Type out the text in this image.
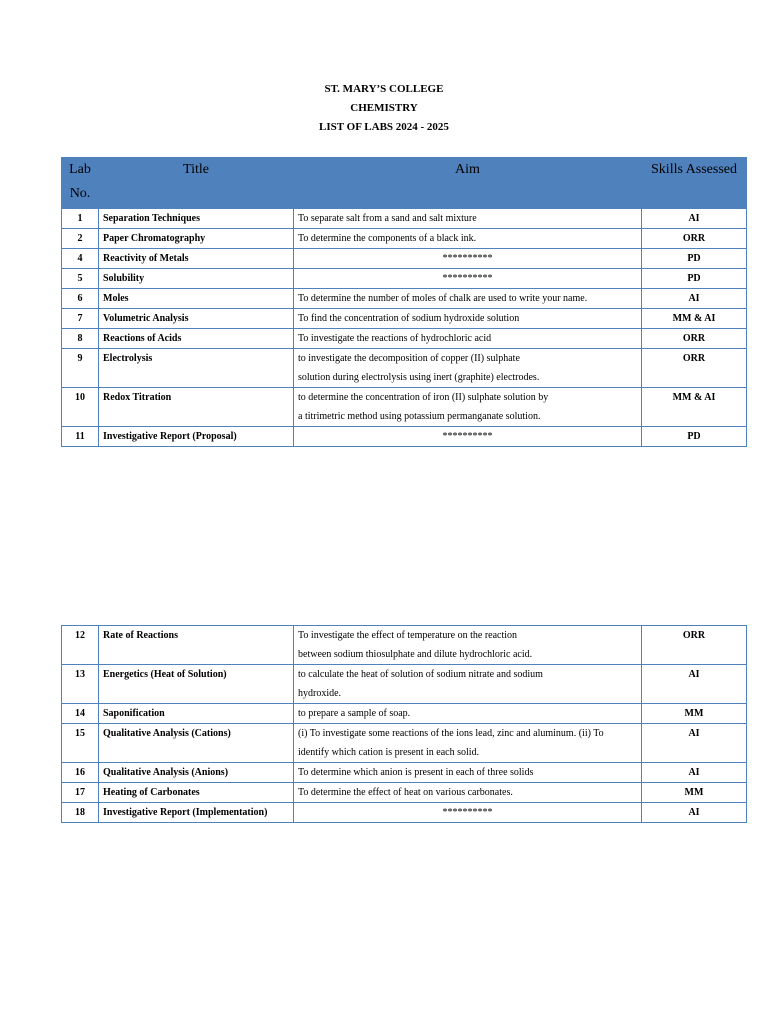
ST. MARY’S COLLEGE
CHEMISTRY
LIST OF LABS 2024 - 2025
Lab
No.	Title	Aim	Skills Assessed
1	Separation Techniques	To separate salt from a sand and salt mixture	AI
2	Paper Chromatography	To determine the components of a black ink.	ORR
4	Reactivity of Metals	**********	PD
5	Solubility	**********	PD
6	Moles	To determine the number of moles of chalk are used to write your name.	AI
7	Volumetric Analysis	To find the concentration of sodium hydroxide solution	MM & AI
8	Reactions of Acids	To investigate the reactions of hydrochloric acid	ORR
9	Electrolysis	to investigate the decomposition of copper (II) sulphate
solution during electrolysis using inert (graphite) electrodes.	ORR
10	Redox Titration	to determine the concentration of iron (II) sulphate solution by
a titrimetric method using potassium permanganate solution.	MM & AI
11	Investigative Report (Proposal)	**********	PD
12	Rate of Reactions	To investigate the effect of temperature on the reaction
between sodium thiosulphate and dilute hydrochloric acid.	ORR
13	Energetics (Heat of Solution)	to calculate the heat of solution of sodium nitrate and sodium
hydroxide.	AI
14	Saponification	to prepare a sample of soap.	MM
15	Qualitative Analysis (Cations)	(i) To investigate some reactions of the ions lead, zinc and aluminum. (ii) To
identify which cation is present in each solid.	AI
16	Qualitative Analysis (Anions)	To determine which anion is present in each of three solids	AI
17	Heating of Carbonates	To determine the effect of heat on various carbonates.	MM
18	Investigative Report (Implementation)	**********	AI
